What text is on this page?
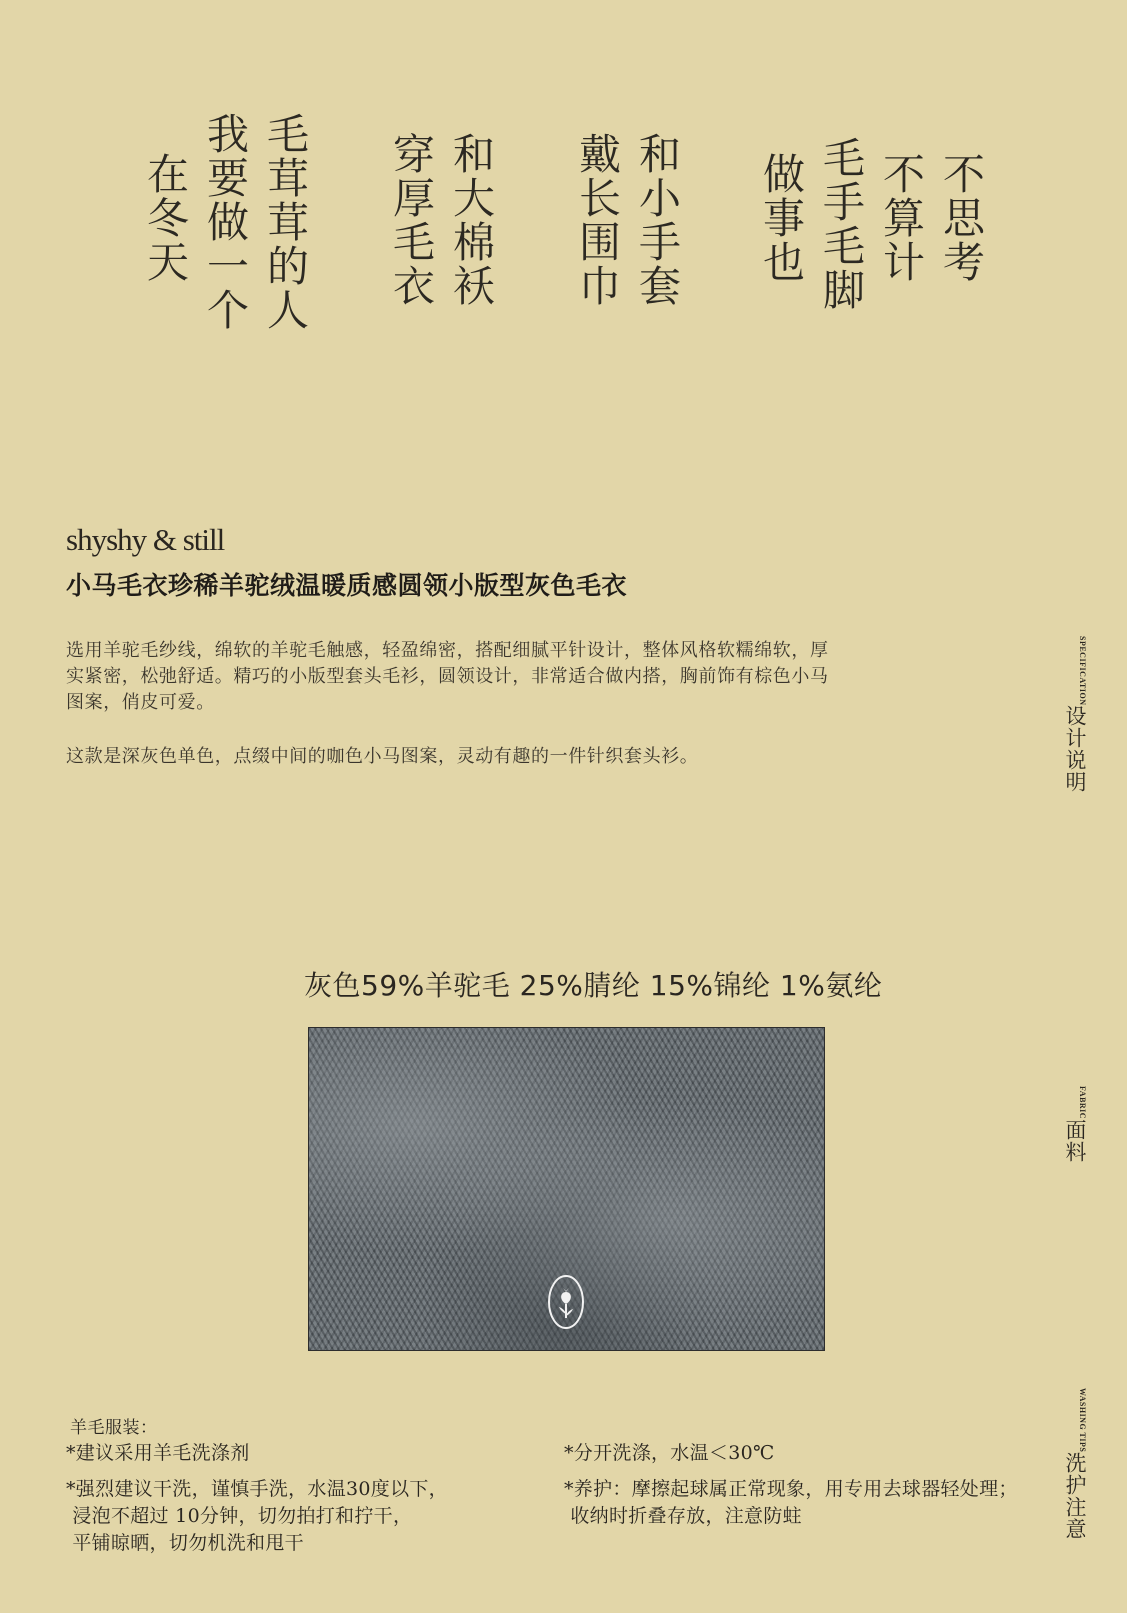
不思考
不算计
毛手毛脚
做事也
和小手套
戴长围巾
和大棉袄
穿厚毛衣
毛茸茸的人
我要做一个
在冬天
shyshy & still
小马毛衣珍稀羊驼绒温暖质感圆领小版型灰色毛衣
选用羊驼毛纱线，绵软的羊驼毛触感，轻盈绵密，搭配细腻平针设计，整体风格软糯绵软，厚
实紧密，松弛舒适。精巧的小版型套头毛衫，圆领设计，非常适合做内搭，胸前饰有棕色小马
图案，俏皮可爱。
这款是深灰色单色，点缀中间的咖色小马图案，灵动有趣的一件针织套头衫。
SPECIFICATION
设计说明
FABRIC
面料
WASHING TIPS
洗护注意
灰色59%羊驼毛 25%腈纶 15%锦纶 1%氨纶
羊毛服装：
*建议采用羊毛洗涤剂
*强烈建议干洗，谨慎手洗，水温30度以下，
浸泡不超过 10分钟，切勿拍打和拧干，
平铺晾晒，切勿机洗和甩干
*分开洗涤，水温＜30℃
*养护：摩擦起球属正常现象，用专用去球器轻处理；
收纳时折叠存放，注意防蛀
